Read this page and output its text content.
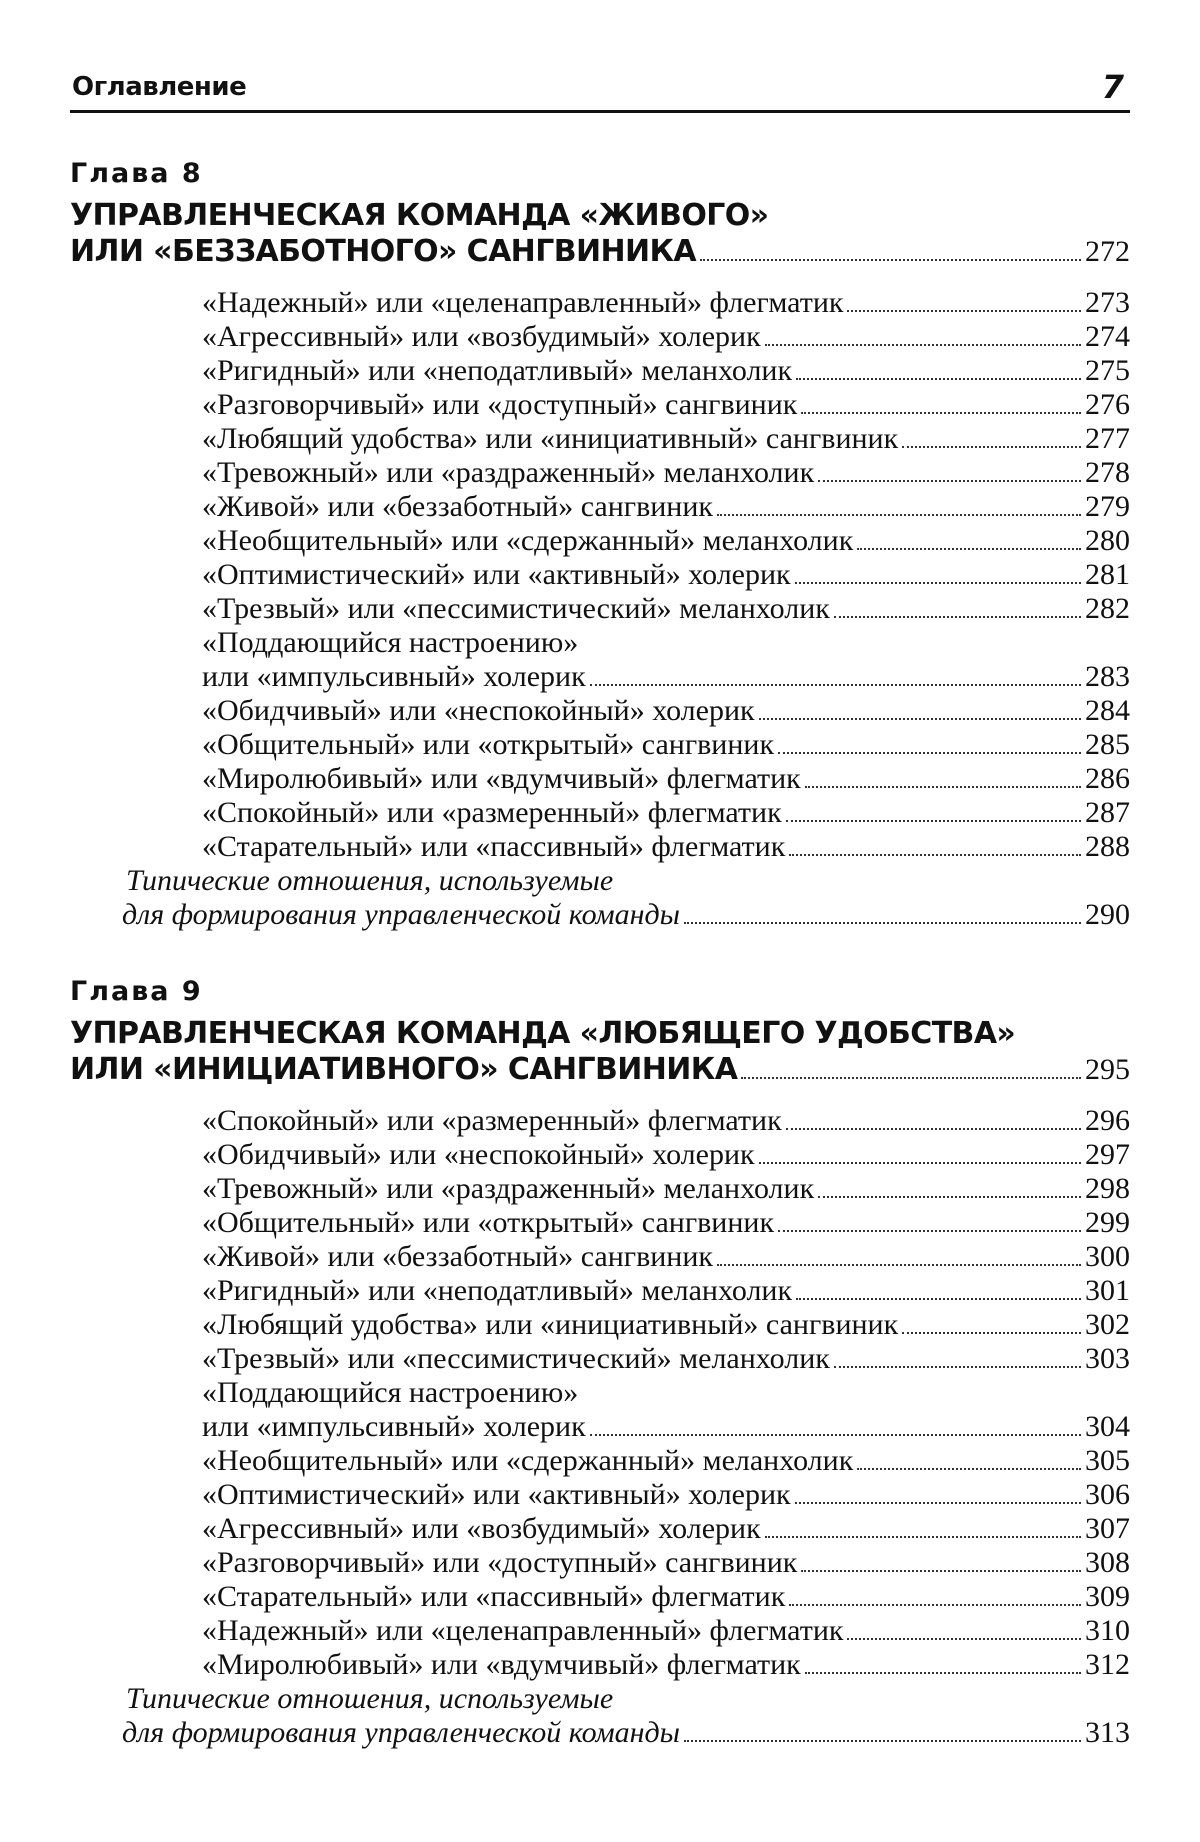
Оглавление	7
Глава 8
УПРАВЛЕНЧЕСКАЯ КОМАНДА «ЖИВОГО»
ИЛИ «БЕЗЗАБОТНОГО» САНГВИНИКА	272
«Надежный» или «целенаправленный» флегматик	273
«Агрессивный» или «возбудимый» холерик	274
«Ригидный» или «неподатливый» меланхолик	275
«Разговорчивый» или «доступный» сангвиник	276
«Любящий удобства» или «инициативный» сангвиник	277
«Тревожный» или «раздраженный» меланхолик	278
«Живой» или «беззаботный» сангвиник	279
«Необщительный» или «сдержанный» меланхолик	280
«Оптимистический» или «активный» холерик	281
«Трезвый» или «пессимистический» меланхолик	282
«Поддающийся настроению»
или «импульсивный» холерик	283
«Обидчивый» или «неспокойный» холерик	284
«Общительный» или «открытый» сангвиник	285
«Миролюбивый» или «вдумчивый» флегматик	286
«Спокойный» или «размеренный» флегматик	287
«Старательный» или «пассивный» флегматик	288
Типические отношения, используемые
для формирования управленческой команды	290
Глава 9
УПРАВЛЕНЧЕСКАЯ КОМАНДА «ЛЮБЯЩЕГО УДОБСТВА»
ИЛИ «ИНИЦИАТИВНОГО» САНГВИНИКА	295
«Спокойный» или «размеренный» флегматик	296
«Обидчивый» или «неспокойный» холерик	297
«Тревожный» или «раздраженный» меланхолик	298
«Общительный» или «открытый» сангвиник	299
«Живой» или «беззаботный» сангвиник	300
«Ригидный» или «неподатливый» меланхолик	301
«Любящий удобства» или «инициативный» сангвиник	302
«Трезвый» или «пессимистический» меланхолик	303
«Поддающийся настроению»
или «импульсивный» холерик	304
«Необщительный» или «сдержанный» меланхолик	305
«Оптимистический» или «активный» холерик	306
«Агрессивный» или «возбудимый» холерик	307
«Разговорчивый» или «доступный» сангвиник	308
«Старательный» или «пассивный» флегматик	309
«Надежный» или «целенаправленный» флегматик	310
«Миролюбивый» или «вдумчивый» флегматик	312
Типические отношения, используемые
для формирования управленческой команды	313
